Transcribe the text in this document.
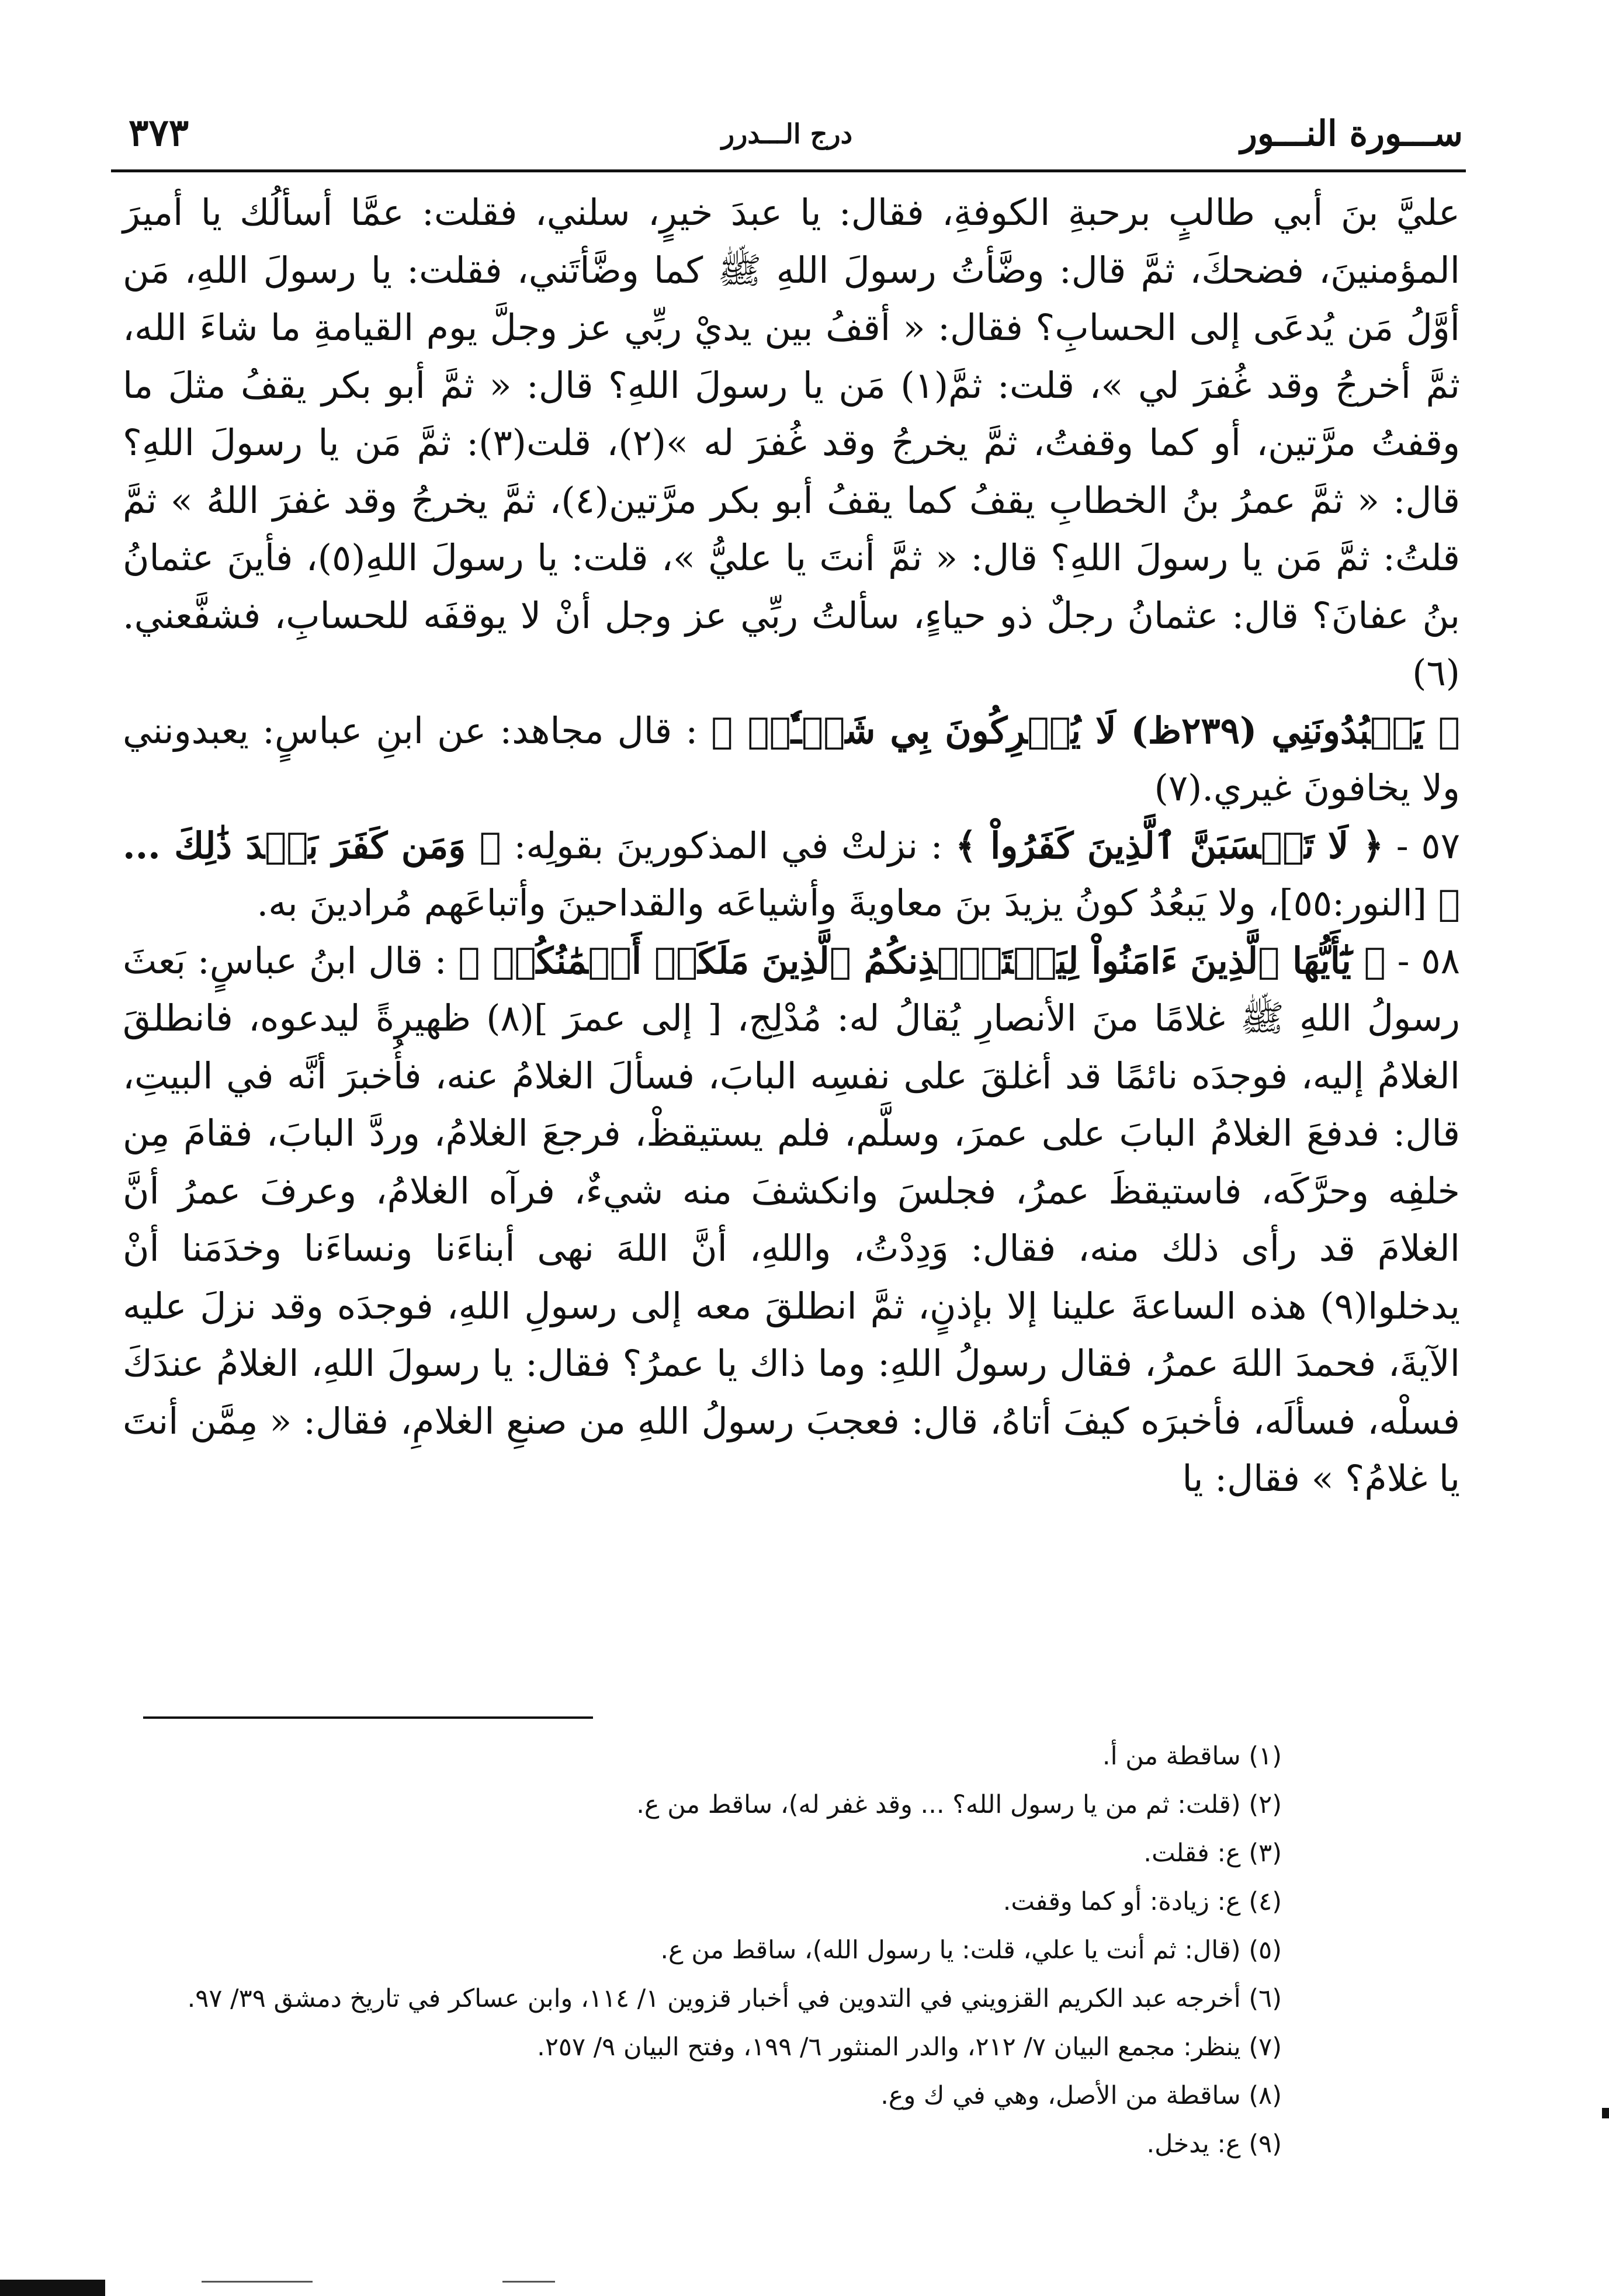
ســـورة النـــور
درج الـــدرر
٣٧٣

عليَّ بنَ أبي طالبٍ برحبةِ الكوفةِ، فقال: يا عبدَ خيرٍ، سلني، فقلت: عمَّا أسألُك يا أميرَ المؤمنينَ، فضحكَ، ثمَّ قال: وضَّأتُ رسولَ اللهِ ﷺ كما وضَّأتَني، فقلت: يا رسولَ اللهِ، مَن أوَّلُ مَن يُدعَى إلى الحسابِ؟ فقال: « أقفُ بين يديْ ربِّي عز وجلَّ يوم القيامةِ ما شاءَ الله، ثمَّ أخرجُ وقد غُفرَ لي »، قلت: ثمَّ(١) مَن يا رسولَ اللهِ؟ قال: « ثمَّ أبو بكر يقفُ مثلَ ما وقفتُ مرَّتين، أو كما وقفتُ، ثمَّ يخرجُ وقد غُفرَ له »(٢)، قلت(٣): ثمَّ مَن يا رسولَ اللهِ؟ قال: « ثمَّ عمرُ بنُ الخطابِ يقفُ كما يقفُ أبو بكر مرَّتين(٤)، ثمَّ يخرجُ وقد غفرَ اللهُ » ثمَّ قلتُ: ثمَّ مَن يا رسولَ اللهِ؟ قال: « ثمَّ أنتَ يا عليُّ »، قلت: يا رسولَ اللهِ(٥)، فأينَ عثمانُ بنُ عفانَ؟ قال: عثمانُ رجلٌ ذو حياءٍ، سألتُ ربِّي عز وجل أنْ لا يوقفَه للحسابِ، فشفَّعني.(٦)

﴿ يَعۡبُدُونَنِي (٢٣٩ظ) لَا يُشۡرِكُونَ بِي شَيۡـٔٗاۚ ﴾ : قال مجاهد: عن ابنِ عباسٍ: يعبدونني ولا يخافونَ غيري.(٧)

٥٧ - ﴿ لَا تَحۡسَبَنَّ ٱلَّذِينَ كَفَرُواْ ﴾ : نزلتْ في المذكورينَ بقولِه: ﴿ وَمَن كَفَرَ بَعۡدَ ذَٰلِكَ ... ﴾ [النور:٥٥]، ولا يَبعُدُ كونُ يزيدَ بنَ معاويةَ وأشياعَه والقداحينَ وأتباعَهم مُرادينَ به.

٥٨ - ﴿ يَٰٓأَيُّهَا ٱلَّذِينَ ءَامَنُواْ لِيَسۡتَـٔۡذِنكُمُ ٱلَّذِينَ مَلَكَتۡ أَيۡمَٰنُكُمۡ ﴾ : قال ابنُ عباسٍ: بَعثَ رسولُ اللهِ ﷺ غلامًا منَ الأنصارِ يُقالُ له: مُدْلِج، [ إلى عمرَ ](٨) ظهيرةً ليدعوه، فانطلقَ الغلامُ إليه، فوجدَه نائمًا قد أغلقَ على نفسِه البابَ، فسألَ الغلامُ عنه، فأُخبرَ أنَّه في البيتِ، قال: فدفعَ الغلامُ البابَ على عمرَ، وسلَّم، فلم يستيقظْ، فرجعَ الغلامُ، وردَّ البابَ، فقامَ مِن خلفِه وحرَّكَه، فاستيقظَ عمرُ، فجلسَ وانكشفَ منه شيءٌ، فرآه الغلامُ، وعرفَ عمرُ أنَّ الغلامَ قد رأى ذلك منه، فقال: وَدِدْتُ، واللهِ، أنَّ اللهَ نهى أبناءَنا ونساءَنا وخدَمَنا أنْ يدخلوا(٩) هذه الساعةَ علينا إلا بإذنٍ، ثمَّ انطلقَ معه إلى رسولِ اللهِ، فوجدَه وقد نزلَ عليه الآيةَ، فحمدَ اللهَ عمرُ، فقال رسولُ اللهِ: وما ذاك يا عمرُ؟ فقال: يا رسولَ اللهِ، الغلامُ عندَكَ فسلْه، فسألَه، فأخبرَه كيفَ أتاهُ، قال: فعجبَ رسولُ اللهِ من صنعِ الغلامِ، فقال: « مِمَّن أنتَ يا غلامُ؟ » فقال: يا

(١) ساقطة من أ.
(٢) (قلت: ثم من يا رسول الله؟ ... وقد غفر له)، ساقط من ع.
(٣) ع: فقلت.
(٤) ع: زيادة: أو كما وقفت.
(٥) (قال: ثم أنت يا علي، قلت: يا رسول الله)، ساقط من ع.
(٦) أخرجه عبد الكريم القزويني في التدوين في أخبار قزوين ١/ ١١٤، وابن عساكر في تاريخ دمشق ٣٩/ ٩٧.
(٧) ينظر: مجمع البيان ٧/ ٢١٢، والدر المنثور ٦/ ١٩٩، وفتح البيان ٩/ ٢٥٧.
(٨) ساقطة من الأصل، وهي في ك وع.
(٩) ع: يدخل.
